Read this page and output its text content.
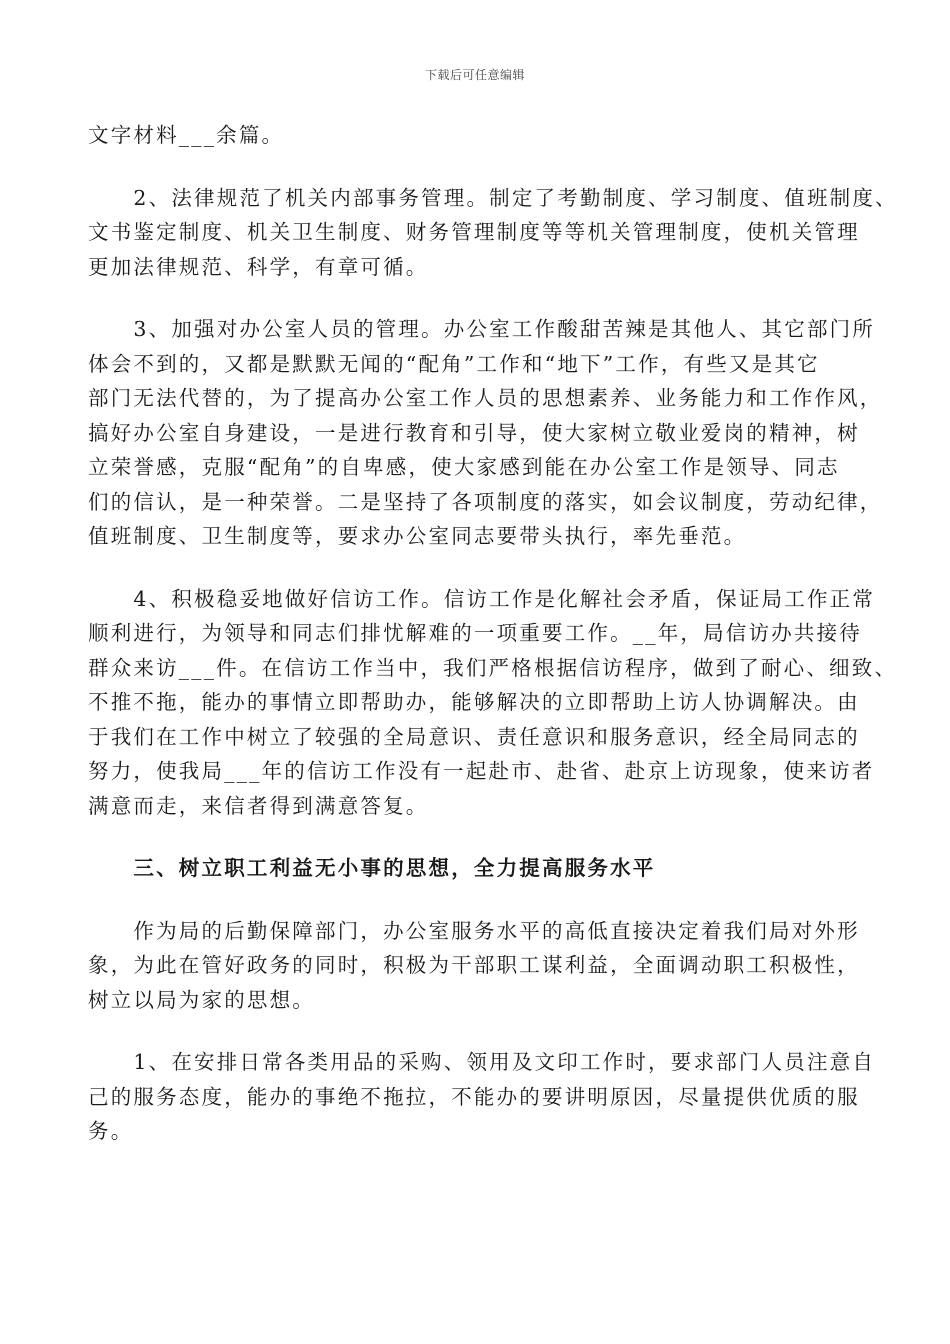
下载后可任意编辑
文字材料___余篇。
　　2、法律规范了机关内部事务管理。制定了考勤制度、学习制度、值班制度、
文书鉴定制度、机关卫生制度、财务管理制度等等机关管理制度，使机关管理
更加法律规范、科学，有章可循。
　　3、加强对办公室人员的管理。办公室工作酸甜苦辣是其他人、其它部门所
体会不到的，又都是默默无闻的“配角”工作和“地下”工作，有些又是其它
部门无法代替的，为了提高办公室工作人员的思想素养、业务能力和工作作风，
搞好办公室自身建设，一是进行教育和引导，使大家树立敬业爱岗的精神，树
立荣誉感，克服“配角”的自卑感，使大家感到能在办公室工作是领导、同志
们的信认，是一种荣誉。二是坚持了各项制度的落实，如会议制度，劳动纪律，
值班制度、卫生制度等，要求办公室同志要带头执行，率先垂范。
　　4、积极稳妥地做好信访工作。信访工作是化解社会矛盾，保证局工作正常
顺利进行，为领导和同志们排忧解难的一项重要工作。__年，局信访办共接待
群众来访___件。在信访工作当中，我们严格根据信访程序，做到了耐心、细致、
不推不拖，能办的事情立即帮助办，能够解决的立即帮助上访人协调解决。由
于我们在工作中树立了较强的全局意识、责任意识和服务意识，经全局同志的
努力，使我局___年的信访工作没有一起赴市、赴省、赴京上访现象，使来访者
满意而走，来信者得到满意答复。
　　三、树立职工利益无小事的思想，全力提高服务水平
　　作为局的后勤保障部门，办公室服务水平的高低直接决定着我们局对外形
象，为此在管好政务的同时，积极为干部职工谋利益，全面调动职工积极性，
树立以局为家的思想。
　　1、在安排日常各类用品的采购、领用及文印工作时，要求部门人员注意自
己的服务态度，能办的事绝不拖拉，不能办的要讲明原因，尽量提供优质的服
务。
